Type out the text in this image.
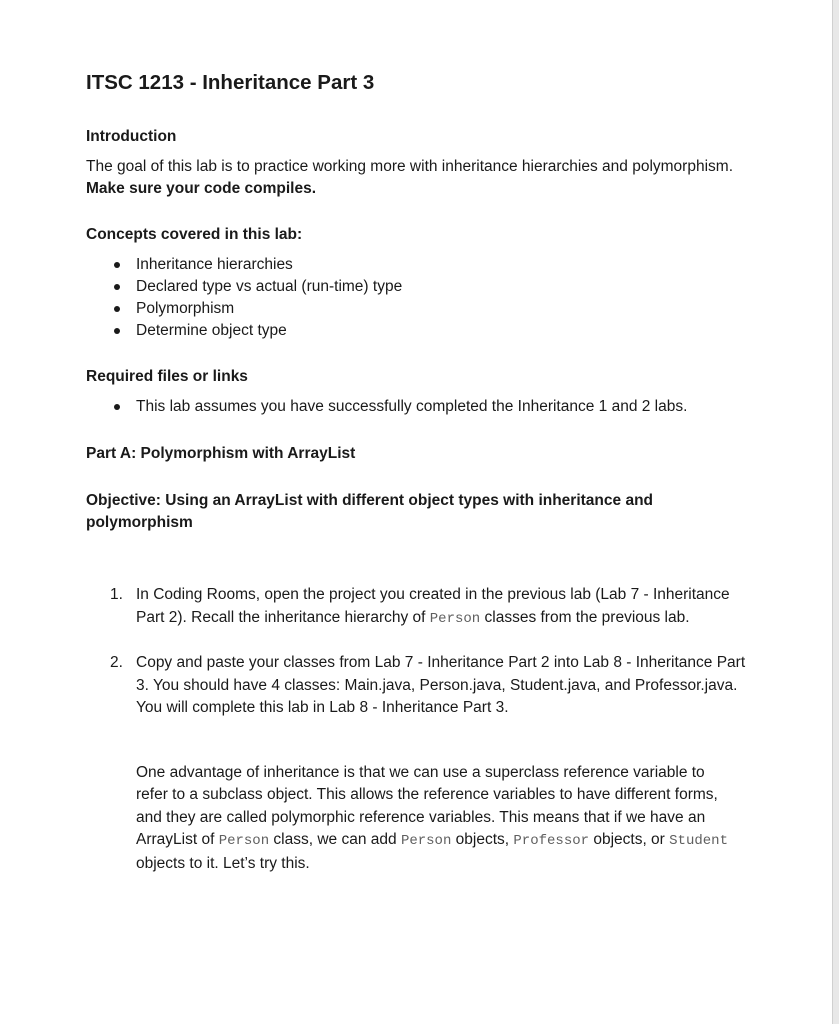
ITSC 1213 - Inheritance Part 3

Introduction

The goal of this lab is to practice working more with inheritance hierarchies and polymorphism. Make sure your code compiles.

Concepts covered in this lab:

Inheritance hierarchies
Declared type vs actual (run-time) type
Polymorphism
Determine object type

Required files or links

This lab assumes you have successfully completed the Inheritance 1 and 2 labs.

Part A: Polymorphism with ArrayList

Objective: Using an ArrayList with different object types with inheritance and polymorphism

1. In Coding Rooms, open the project you created in the previous lab (Lab 7 - Inheritance Part 2). Recall the inheritance hierarchy of Person classes from the previous lab.
2. Copy and paste your classes from Lab 7 - Inheritance Part 2 into Lab 8 - Inheritance Part 3. You should have 4 classes: Main.java, Person.java, Student.java, and Professor.java. You will complete this lab in Lab 8 - Inheritance Part 3.

One advantage of inheritance is that we can use a superclass reference variable to refer to a subclass object. This allows the reference variables to have different forms, and they are called polymorphic reference variables. This means that if we have an ArrayList of Person class, we can add Person objects, Professor objects, or Student objects to it. Let’s try this.
